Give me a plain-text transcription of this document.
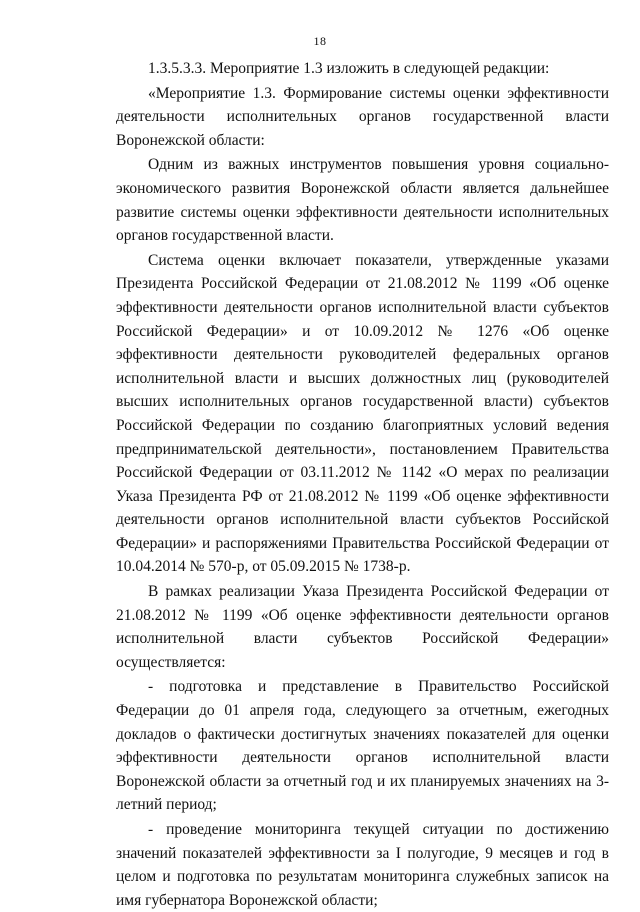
18

1.3.5.3.3. Мероприятие 1.3 изложить в следующей редакции:

«Мероприятие 1.3. Формирование системы оценки эффективности деятельности исполнительных органов государственной власти Воронежской области:

Одним из важных инструментов повышения уровня социально-экономического развития Воронежской области является дальнейшее развитие системы оценки эффективности деятельности исполнительных органов государственной власти.

Система оценки включает показатели, утвержденные указами Президента Российской Федерации от 21.08.2012 № 1199 «Об оценке эффективности деятельности органов исполнительной власти субъектов Российской Федерации» и от 10.09.2012 № 1276 «Об оценке эффективности деятельности руководителей федеральных органов исполнительной власти и высших должностных лиц (руководителей высших исполнительных органов государственной власти) субъектов Российской Федерации по созданию благоприятных условий ведения предпринимательской деятельности», постановлением Правительства Российской Федерации от 03.11.2012 № 1142 «О мерах по реализации Указа Президента РФ от 21.08.2012 № 1199 «Об оценке эффективности деятельности органов исполнительной власти субъектов Российской Федерации» и распоряжениями Правительства Российской Федерации от 10.04.2014 № 570-р, от 05.09.2015 № 1738-р.

В рамках реализации Указа Президента Российской Федерации от 21.08.2012 № 1199 «Об оценке эффективности деятельности органов исполнительной власти субъектов Российской Федерации» осуществляется:

- подготовка и представление в Правительство Российской Федерации до 01 апреля года, следующего за отчетным, ежегодных докладов о фактически достигнутых значениях показателей для оценки эффективности деятельности органов исполнительной власти Воронежской области за отчетный год и их планируемых значениях на 3-летний период;

- проведение мониторинга текущей ситуации по достижению значений показателей эффективности за I полугодие, 9 месяцев и год в целом и подготовка по результатам мониторинга служебных записок на имя губернатора Воронежской области;
